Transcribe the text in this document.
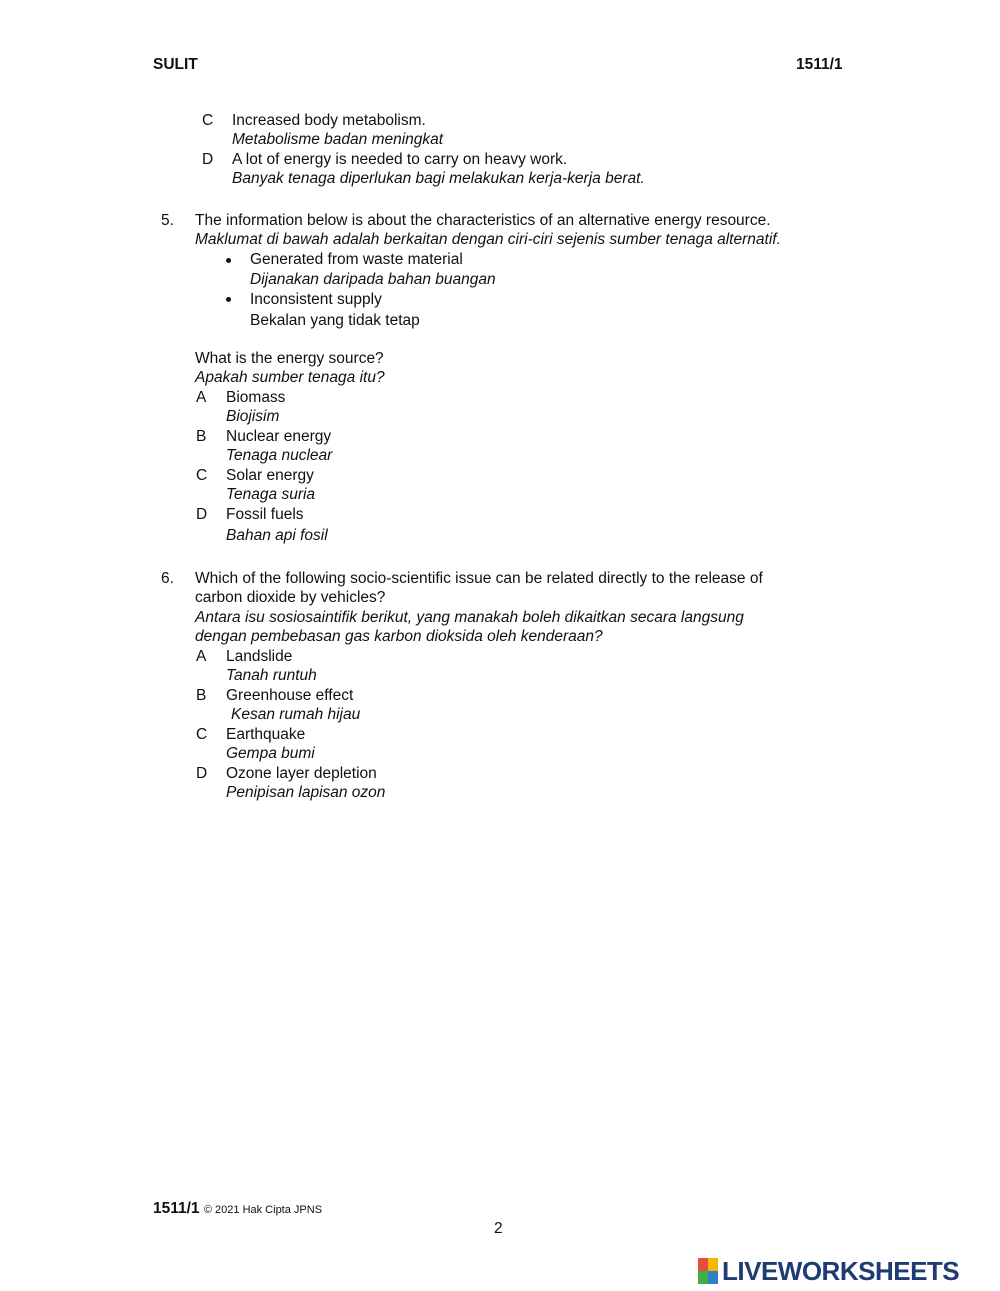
SULIT	1511/1
C Increased body metabolism.
Metabolisme badan meningkat
D A lot of energy is needed to carry on heavy work.
Banyak tenaga diperlukan bagi melakukan kerja-kerja berat.
5. The information below is about the characteristics of an alternative energy resource.
Maklumat di bawah adalah berkaitan dengan ciri-ciri sejenis sumber tenaga alternatif.
Generated from waste material
Dijanakan daripada bahan buangan
Inconsistent supply
Bekalan yang tidak tetap
What is the energy source?
Apakah sumber tenaga itu?
A Biomass
Biojisim
B Nuclear energy
Tenaga nuclear
C Solar energy
Tenaga suria
D Fossil fuels
Bahan api fosil
6. Which of the following socio-scientific issue can be related directly to the release of
carbon dioxide by vehicles?
Antara isu sosiosaintifik berikut, yang manakah boleh dikaitkan secara langsung
dengan pembebasan gas karbon dioksida oleh kenderaan?
A Landslide
Tanah runtuh
B Greenhouse effect
Kesan rumah hijau
C Earthquake
Gempa bumi
D Ozone layer depletion
Penipisan lapisan ozon
1511/1 © 2021 Hak Cipta JPNS
2
LIVEWORKSHEETS
